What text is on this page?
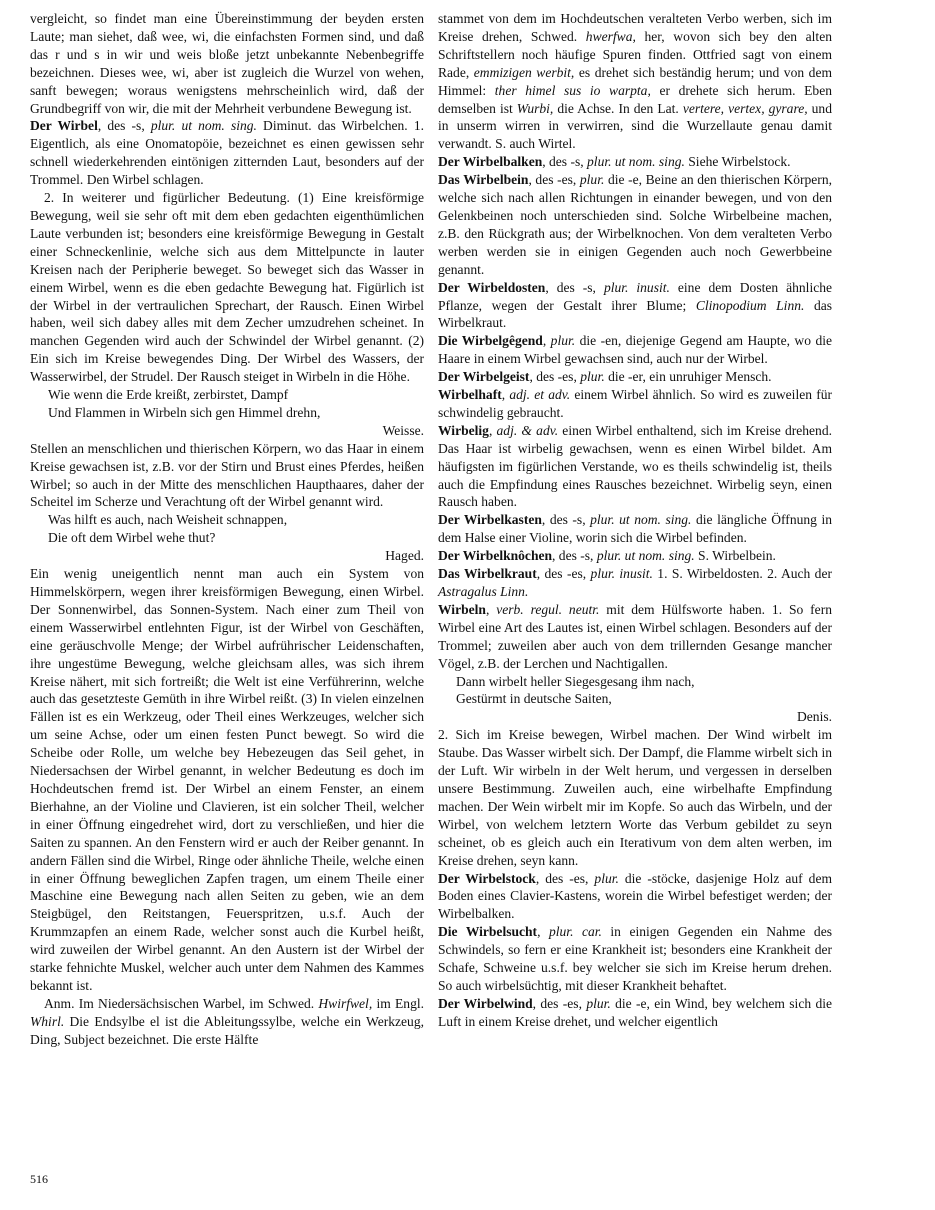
vergleicht, so findet man eine Übereinstimmung der beyden ersten Laute; man siehet, daß wee, wi, die einfachsten Formen sind, und daß das r und s in wir und weis bloße jetzt unbekannte Nebenbegriffe bezeichnen. Dieses wee, wi, aber ist zugleich die Wurzel von wehen, sanft bewegen; woraus wenigstens mehrscheinlich wird, daß der Grundbegriff von wir, die mit der Mehrheit verbundene Bewegung ist.

Der Wirbel, des -s, plur. ut nom. sing. Diminut. das Wirbelchen. 1. Eigentlich, als eine Onomatopöie, bezeichnet es einen gewissen sehr schnell wiederkehrenden eintönigen zitternden Laut, besonders auf der Trommel. Den Wirbel schlagen.

2. In weiterer und figürlicher Bedeutung. (1) Eine kreisförmige Bewegung, weil sie sehr oft mit dem eben gedachten eigenthümlichen Laute verbunden ist; besonders eine kreisförmige Bewegung in Gestalt einer Schneckenlinie, welche sich aus dem Mittelpuncte in lauter Kreisen nach der Peripherie beweget. So beweget sich das Wasser in einem Wirbel, wenn es die eben gedachte Bewegung hat. Figürlich ist der Wirbel in der vertraulichen Sprechart, der Rausch. Einen Wirbel haben, weil sich dabey alles mit dem Zecher umzudrehen scheinet. In manchen Gegenden wird auch der Schwindel der Wirbel genannt. (2) Ein sich im Kreise bewegendes Ding. Der Wirbel des Wassers, der Wasserwirbel, der Strudel. Der Rausch steiget in Wirbeln in die Höhe.

Wie wenn die Erde kreißt, zerbirstet, Dampf
Und Flammen in Wirbeln sich gen Himmel drehn,
Weisse.

Stellen an menschlichen und thierischen Körpern, wo das Haar in einem Kreise gewachsen ist, z.B. vor der Stirn und Brust eines Pferdes, heißen Wirbel; so auch in der Mitte des menschlichen Haupthaares, daher der Scheitel im Scherze und Verachtung oft der Wirbel genannt wird.

Was hilft es auch, nach Weisheit schnappen,
Die oft dem Wirbel wehe thut?
Haged.

Ein wenig uneigentlich nennt man auch ein System von Himmelskörpern, wegen ihrer kreisförmigen Bewegung, einen Wirbel. Der Sonnenwirbel, das Sonnen-System. Nach einer zum Theil von einem Wasserwirbel entlehnten Figur, ist der Wirbel von Geschäften, eine geräuschvolle Menge; der Wirbel aufrührischer Leidenschaften, ihre ungestüme Bewegung, welche gleichsam alles, was sich ihrem Kreise nähert, mit sich fortreißt; die Welt ist eine Verführerinn, welche auch das gesetzteste Gemüth in ihre Wirbel reißt. (3) In vielen einzelnen Fällen ist es ein Werkzeug, oder Theil eines Werkzeuges, welcher sich um seine Achse, oder um einen festen Punct bewegt. So wird die Scheibe oder Rolle, um welche bey Hebezeugen das Seil gehet, in Niedersachsen der Wirbel genannt, in welcher Bedeutung es doch im Hochdeutschen fremd ist. Der Wirbel an einem Fenster, an einem Bierhahne, an der Violine und Clavieren, ist ein solcher Theil, welcher in einer Öffnung eingedrehet wird, dort zu verschließen, und hier die Saiten zu spannen. An den Fenstern wird er auch der Reiber genannt. In andern Fällen sind die Wirbel, Ringe oder ähnliche Theile, welche einen in einer Öffnung beweglichen Zapfen tragen, um einem Theile einer Maschine eine Bewegung nach allen Seiten zu geben, wie an dem Steigbügel, den Reitstangen, Feuerspritzen, u.s.f. Auch der Krummzapfen an einem Rade, welcher sonst auch die Kurbel heißt, wird zuweilen der Wirbel genannt. An den Austern ist der Wirbel der starke fehnichte Muskel, welcher auch unter dem Nahmen des Kammes bekannt ist.

Anm. Im Niedersächsischen Warbel, im Schwed. Hwirfwel, im Engl. Whirl. Die Endsylbe el ist die Ableitungssylbe, welche ein Werkzeug, Ding, Subject bezeichnet. Die erste Hälfte

stammet von dem im Hochdeutschen veralteten Verbo werben, sich im Kreise drehen, Schwed. hwerfwa, her, wovon sich bey den alten Schriftstellern noch häufige Spuren finden. Ottfried sagt von einem Rade, emmizigen werbit, es drehet sich beständig herum; und von dem Himmel: ther himel sus io warpta, er drehete sich herum. Eben demselben ist Wurbi, die Achse. In den Lat. vertere, vertex, gyrare, und in unserm wirren in verwirren, sind die Wurzellaute genau damit verwandt. S. auch Wirtel.

Der Wirbelbalken, des -s, plur. ut nom. sing. Siehe Wirbelstock.

Das Wirbelbein, des -es, plur. die -e, Beine an den thierischen Körpern, welche sich nach allen Richtungen in einander bewegen, und von den Gelenkbeinen noch unterschieden sind. Solche Wirbelbeine machen, z.B. den Rückgrath aus; der Wirbelknochen. Von dem veralteten Verbo werben werden sie in einigen Gegenden auch noch Gewerbbeine genannt.

Der Wirbeldosten, des -s, plur. inusit. eine dem Dosten ähnliche Pflanze, wegen der Gestalt ihrer Blume; Clinopodium Linn. das Wirbelkraut.

Die Wirbelgêgend, plur. die -en, diejenige Gegend am Haupte, wo die Haare in einem Wirbel gewachsen sind, auch nur der Wirbel.

Der Wirbelgeist, des -es, plur. die -er, ein unruhiger Mensch.

Wirbelhaft, adj. et adv. einem Wirbel ähnlich. So wird es zuweilen für schwindelig gebraucht.

Wirbelig, adj. & adv. einen Wirbel enthaltend, sich im Kreise drehend. Das Haar ist wirbelig gewachsen, wenn es einen Wirbel bildet. Am häufigsten im figürlichen Verstande, wo es theils schwindelig ist, theils auch die Empfindung eines Rausches bezeichnet. Wirbelig seyn, einen Rausch haben.

Der Wirbelkasten, des -s, plur. ut nom. sing. die längliche Öffnung in dem Halse einer Violine, worin sich die Wirbel befinden.

Der Wirbelknôchen, des -s, plur. ut nom. sing. S. Wirbelbein.

Das Wirbelkraut, des -es, plur. inusit. 1. S. Wirbeldosten. 2. Auch der Astragalus Linn.

Wirbeln, verb. regul. neutr. mit dem Hülfsworte haben. 1. So fern Wirbel eine Art des Lautes ist, einen Wirbel schlagen. Besonders auf der Trommel; zuweilen aber auch von dem trillernden Gesange mancher Vögel, z.B. der Lerchen und Nachtigallen.

Dann wirbelt heller Siegesgesang ihm nach,
Gestürmt in deutsche Saiten,
Denis.

2. Sich im Kreise bewegen, Wirbel machen. Der Wind wirbelt im Staube. Das Wasser wirbelt sich. Der Dampf, die Flamme wirbelt sich in der Luft. Wir wirbeln in der Welt herum, und vergessen in derselben unsere Bestimmung. Zuweilen auch, eine wirbelhafte Empfindung machen. Der Wein wirbelt mir im Kopfe. So auch das Wirbeln, und der Wirbel, von welchem letztern Worte das Verbum gebildet zu seyn scheinet, ob es gleich auch ein Iterativum von dem alten werben, im Kreise drehen, seyn kann.

Der Wirbelstock, des -es, plur. die -stöcke, dasjenige Holz auf dem Boden eines Clavier-Kastens, worein die Wirbel befestiget werden; der Wirbelbalken.

Die Wirbelsucht, plur. car. in einigen Gegenden ein Nahme des Schwindels, so fern er eine Krankheit ist; besonders eine Krankheit der Schafe, Schweine u.s.f. bey welcher sie sich im Kreise herum drehen. So auch wirbelsüchtig, mit dieser Krankheit behaftet.

Der Wirbelwind, des -es, plur. die -e, ein Wind, bey welchem sich die Luft in einem Kreise drehet, und welcher eigentlich

516
